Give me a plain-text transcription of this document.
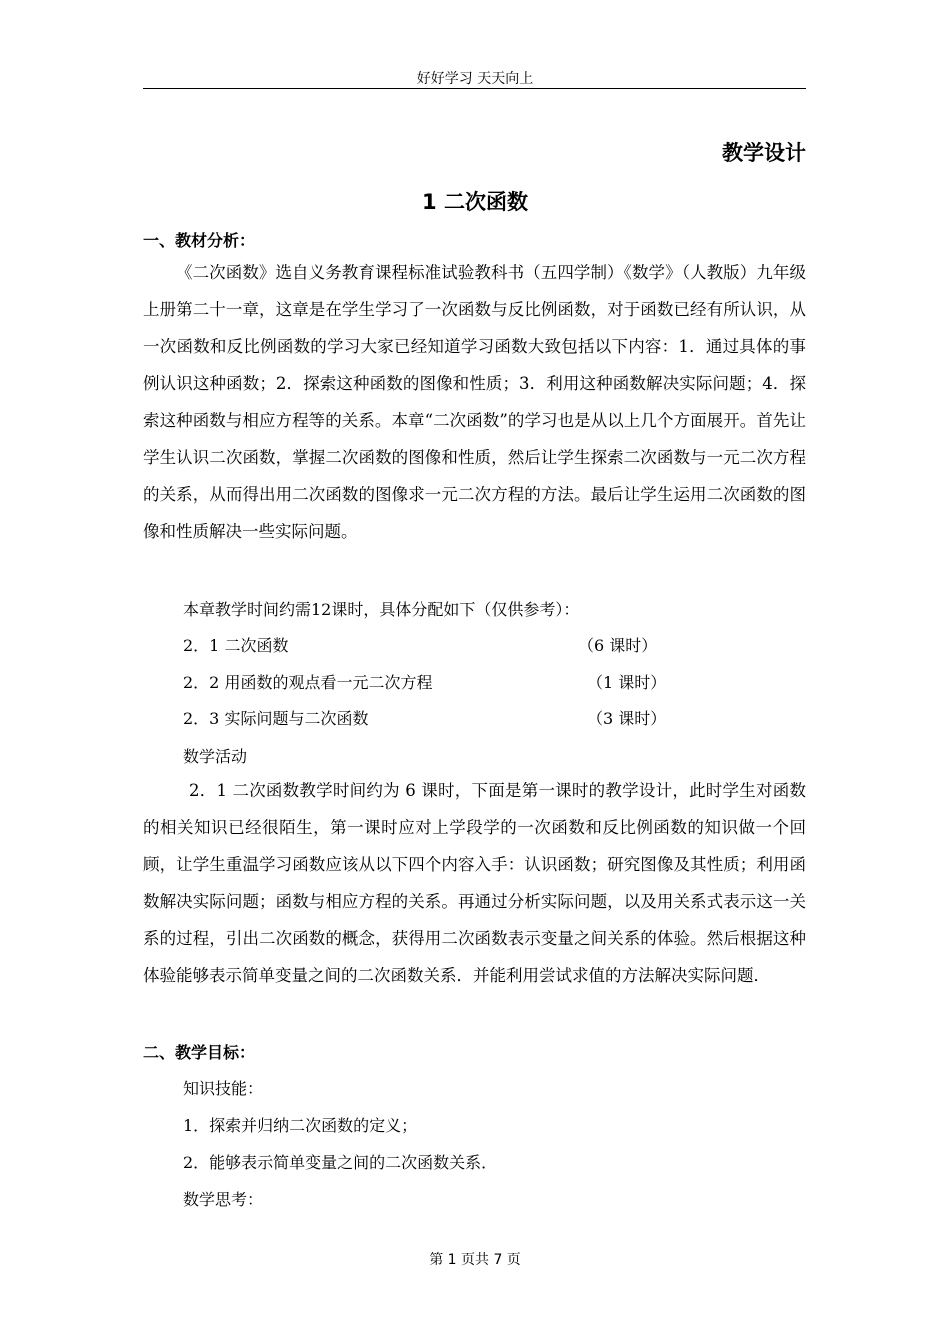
好好学习 天天向上
教学设计
1 二次函数
一、教材分析：
《二次函数》选自义务教育课程标准试验教科书（五四学制）《数学》（人教版）九年级上册第二十一章，这章是在学生学习了一次函数与反比例函数，对于函数已经有所认识，从一次函数和反比例函数的学习大家已经知道学习函数大致包括以下内容：1．通过具体的事例认识这种函数；2．探索这种函数的图像和性质；3．利用这种函数解决实际问题；4．探索这种函数与相应方程等的关系。本章“二次函数”的学习也是从以上几个方面展开。首先让学生认识二次函数，掌握二次函数的图像和性质，然后让学生探索二次函数与一元二次方程的关系，从而得出用二次函数的图像求一元二次方程的方法。最后让学生运用二次函数的图像和性质解决一些实际问题。
本章教学时间约需12课时，具体分配如下（仅供参考）：
2．1 二次函数	（6 课时）
2．2 用函数的观点看一元二次方程	（1 课时）
2．3 实际问题与二次函数	（3 课时）
数学活动
2．1 二次函数教学时间约为 6 课时，下面是第一课时的教学设计，此时学生对函数的相关知识已经很陌生，第一课时应对上学段学的一次函数和反比例函数的知识做一个回顾，让学生重温学习函数应该从以下四个内容入手：认识函数；研究图像及其性质；利用函数解决实际问题；函数与相应方程的关系。再通过分析实际问题，以及用关系式表示这一关系的过程，引出二次函数的概念，获得用二次函数表示变量之间关系的体验。然后根据这种体验能够表示简单变量之间的二次函数关系．并能利用尝试求值的方法解决实际问题．
二、教学目标：
知识技能：
1．探索并归纳二次函数的定义；
2．能够表示简单变量之间的二次函数关系．
数学思考：
第 1 页共 7 页
